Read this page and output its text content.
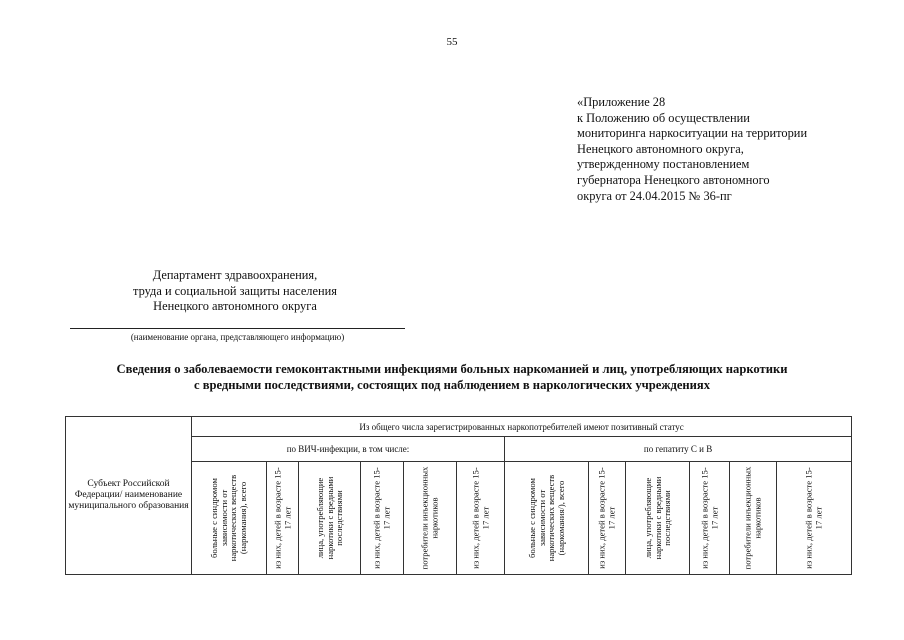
55
«Приложение 28
к Положению об осуществлении
мониторинга наркоситуации на территории
Ненецкого автономного округа,
утвержденному постановлением
губернатора Ненецкого автономного
округа от 24.04.2015 № 36-пг
Департамент здравоохранения,
труда и социальной защиты населения
Ненецкого автономного округа
(наименование органа, представляющего информацию)
Сведения о заболеваемости гемоконтактными инфекциями больных наркоманией и лиц, употребляющих наркотики
с вредными последствиями, состоящих под наблюдением в наркологических учреждениях
Субъект Российской Федерации/ наименование муниципального образования	Из общего числа зарегистрированных наркопотребителей имеют позитивный статус											
	по ВИЧ-инфекции, в том числе:						по гепатиту С и В					

	больные с синдромом зависимости от наркотических веществ (наркомания), всего	из них, детей в возрасте 15-17 лет	лица, употребляющие наркотики с вредными последствиями	из них, детей в возрасте 15-17 лет	потребители инъекционных наркотиков	из них, детей в возрасте 15-17 лет	больные с синдромом зависимости от наркотических веществ (наркомания/), всего	из них, детей в возрасте 15-17 лет	лица, употребляющие наркотики с вредными последствиями	из них, детей в возрасте 15-17 лет	потребители инъекционных наркотиков	из них, детей в возрасте 15-17 лет
